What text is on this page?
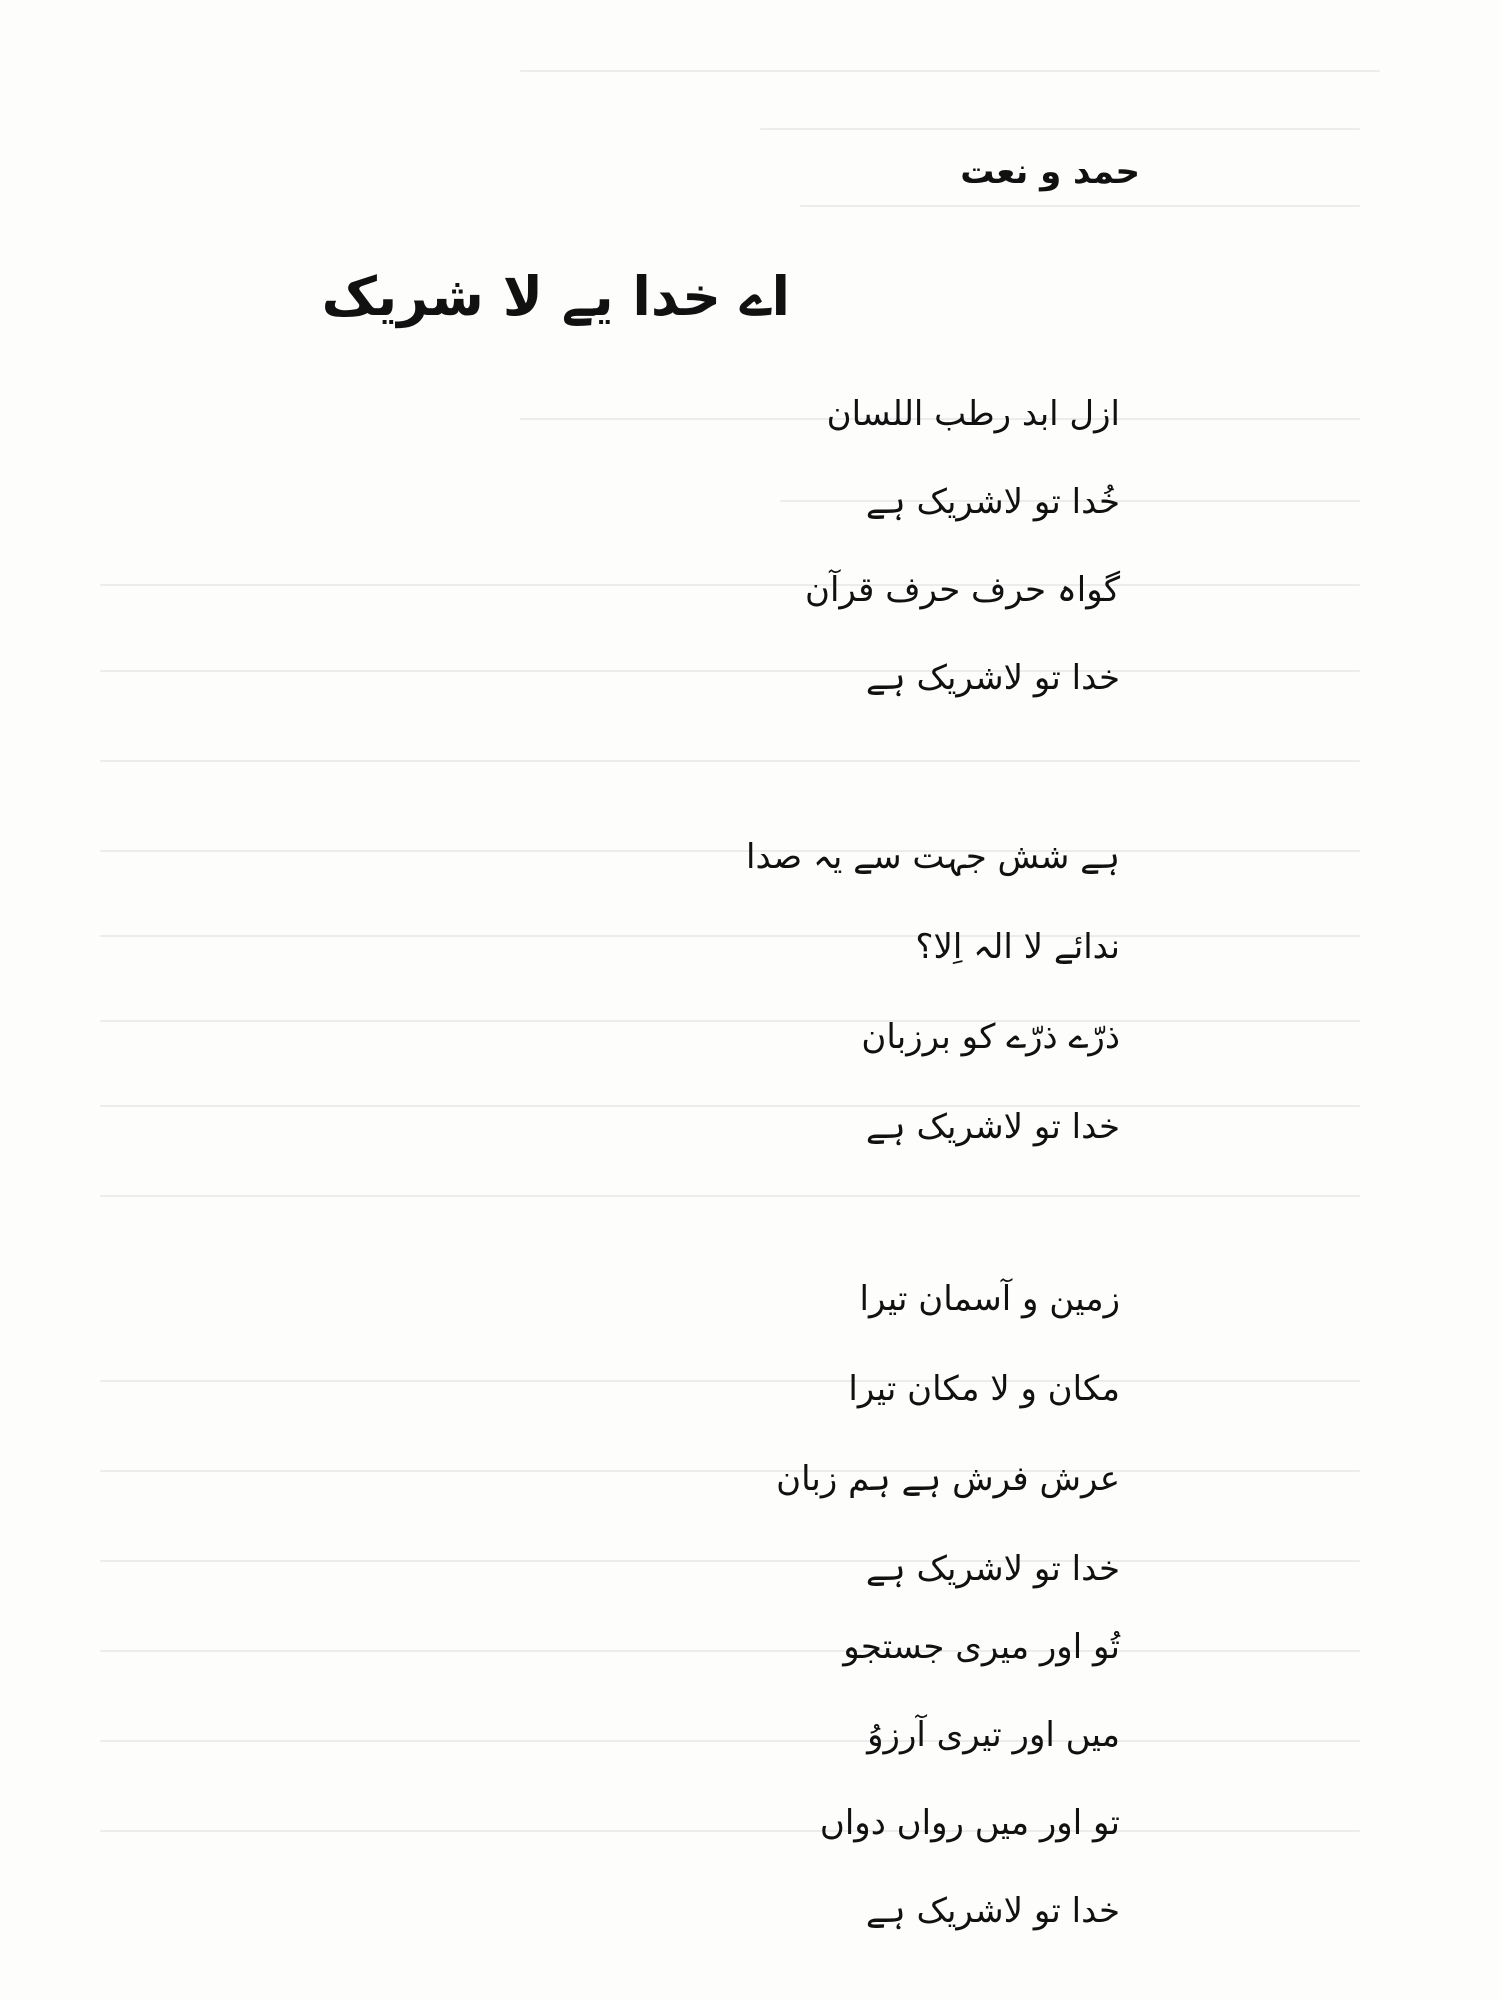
حمد و نعت
اے خدا یے لا شریک
ازل ابد رطب اللسان
خُدا تو لاشریک ہے
گواہ حرف حرف قرآن
خدا تو لاشریک ہے
ہے شش جہت سے یہ صدا
ندائے لا الہ اِلا؟
ذرّے ذرّے کو برزبان
خدا تو لاشریک ہے
زمین و آسمان تیرا
مکان و لا مکان تیرا
عرش فرش ہے ہم زبان
خدا تو لاشریک ہے
تُو اور میری جستجو
میں اور تیری آرزوُ
تو اور میں رواں دواں
خدا تو لاشریک ہے
